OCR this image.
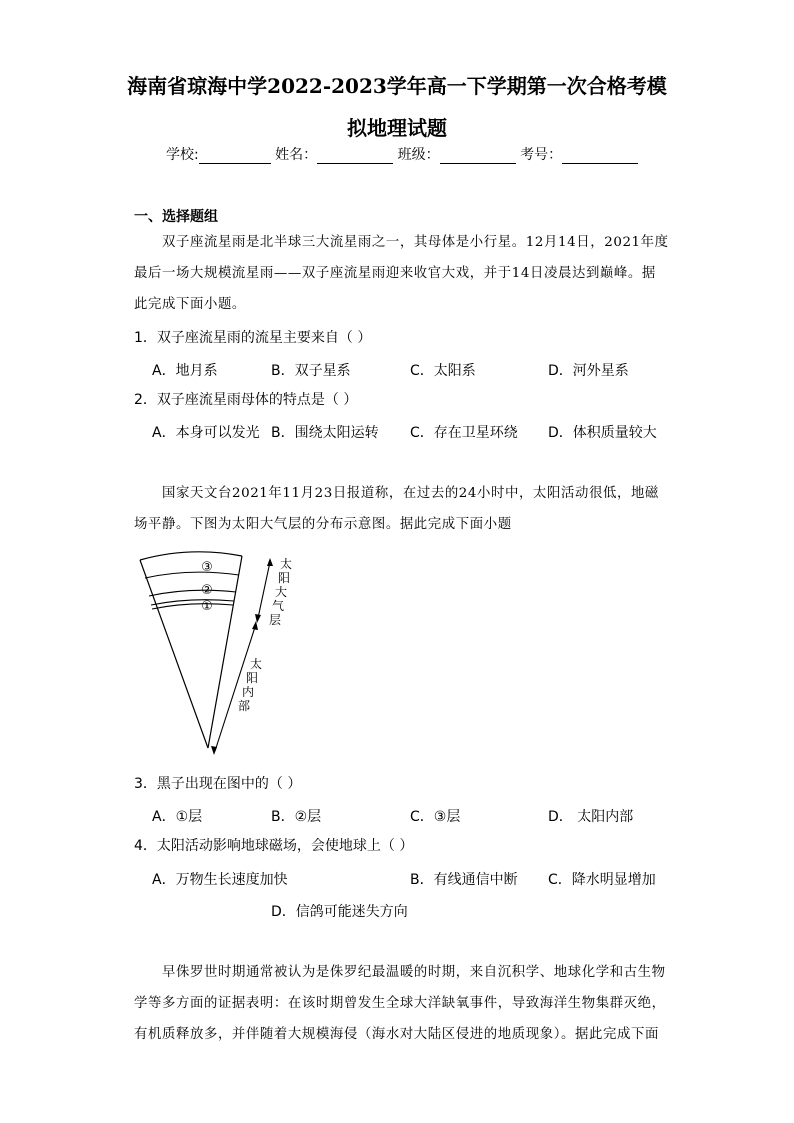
海南省琼海中学2022-2023学年高一下学期第一次合格考模
拟地理试题
学校:	姓名：	班级：	考号：
一、选择题组
双子座流星雨是北半球三大流星雨之一，其母体是小行星。12月14日，2021年度
最后一场大规模流星雨——双子座流星雨迎来收官大戏，并于14日凌晨达到巅峰。据
此完成下面小题。
1．双子座流星雨的流星主要来自（ ）
A．地月系	B．双子星系	C．太阳系	D．河外星系
2．双子座流星雨母体的特点是（ ）
A．本身可以发光 B．围绕太阳运转 C．存在卫星环绕 D．体积质量较大
国家天文台2021年11月23日报道称，在过去的24小时中，太阳活动很低，地磁
场平静。下图为太阳大气层的分布示意图。据此完成下面小题
③
②
①
太
阳
大
气
层
太
阳
内
部
3．黑子出现在图中的（ ）
A．①层	B．②层	C．③层	D． 太阳内部
4．太阳活动影响地球磁场，会使地球上（ ）
A．万物生长速度加快	B．有线通信中断 C．降水明显增加
D．信鸽可能迷失方向
早侏罗世时期通常被认为是侏罗纪最温暖的时期，来自沉积学、地球化学和古生物
学等多方面的证据表明：在该时期曾发生全球大洋缺氧事件，导致海洋生物集群灭绝，
有机质释放多，并伴随着大规模海侵（海水对大陆区侵进的地质现象）。据此完成下面
